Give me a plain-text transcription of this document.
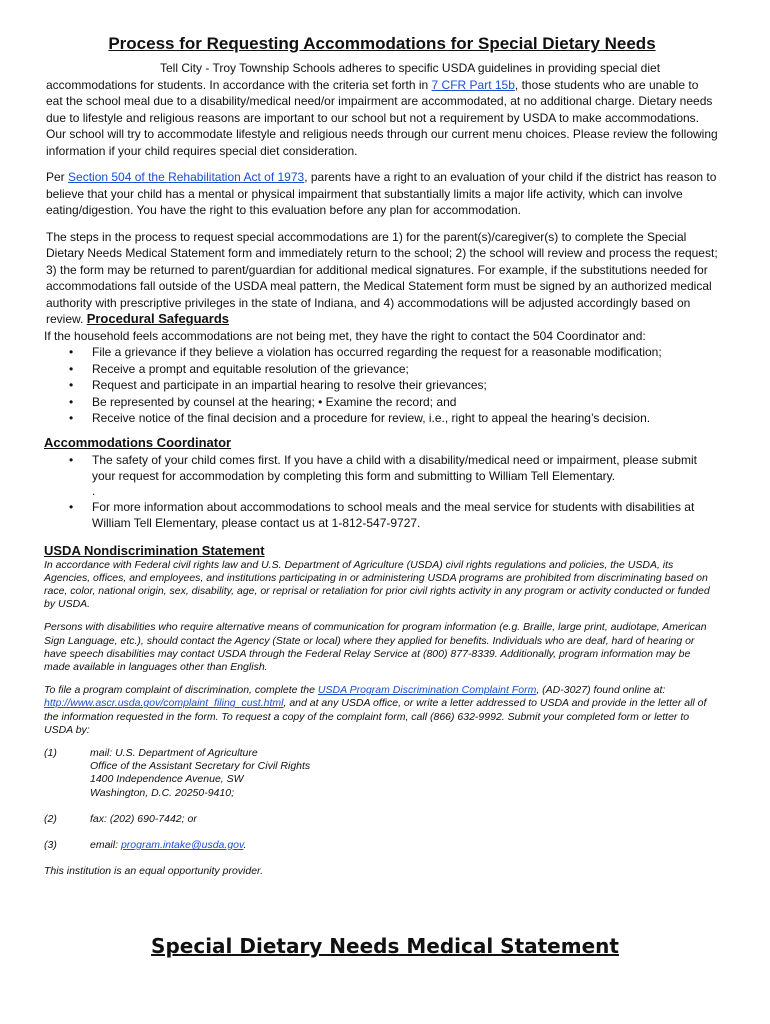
Process for Requesting Accommodations for Special Dietary Needs

Tell City - Troy Township Schools adheres to specific USDA guidelines in providing special diet accommodations for students. In accordance with the criteria set forth in 7 CFR Part 15b, those students who are unable to eat the school meal due to a disability/medical need/or impairment are accommodated, at no additional charge. Dietary needs due to lifestyle and religious reasons are important to our school but not a requirement by USDA to make accommodations. Our school will try to accommodate lifestyle and religious needs through our current menu choices. Please review the following information if your child requires special diet consideration.

Per Section 504 of the Rehabilitation Act of 1973, parents have a right to an evaluation of your child if the district has reason to believe that your child has a mental or physical impairment that substantially limits a major life activity, which can involve eating/digestion. You have the right to this evaluation before any plan for accommodation.

The steps in the process to request special accommodations are 1) for the parent(s)/caregiver(s) to complete the Special Dietary Needs Medical Statement form and immediately return to the school; 2) the school will review and process the request; 3) the form may be returned to parent/guardian for additional medical signatures. For example, if the substitutions needed for accommodations fall outside of the USDA meal pattern, the Medical Statement form must be signed by an authorized medical authority with prescriptive privileges in the state of Indiana, and 4) accommodations will be adjusted accordingly based on review. Procedural Safeguards

If the household feels accommodations are not being met, they have the right to contact the 504 Coordinator and:

• File a grievance if they believe a violation has occurred regarding the request for a reasonable modification;
• Receive a prompt and equitable resolution of the grievance;
• Request and participate in an impartial hearing to resolve their grievances;
• Be represented by counsel at the hearing; • Examine the record; and
• Receive notice of the final decision and a procedure for review, i.e., right to appeal the hearing’s decision.
Accommodations Coordinator
• The safety of your child comes first. If you have a child with a disability/medical need or impairment, please submit your request for accommodation by completing this form and submitting to William Tell Elementary.
.
• For more information about accommodations to school meals and the meal service for students with disabilities at William Tell Elementary, please contact us at 1-812-547-9727.
USDA Nondiscrimination Statement

In accordance with Federal civil rights law and U.S. Department of Agriculture (USDA) civil rights regulations and policies, the USDA, its Agencies, offices, and employees, and institutions participating in or administering USDA programs are prohibited from discriminating based on race, color, national origin, sex, disability, age, or reprisal or retaliation for prior civil rights activity in any program or activity conducted or funded by USDA.

Persons with disabilities who require alternative means of communication for program information (e.g. Braille, large print, audiotape, American Sign Language, etc.), should contact the Agency (State or local) where they applied for benefits. Individuals who are deaf, hard of hearing or have speech disabilities may contact USDA through the Federal Relay Service at (800) 877-8339. Additionally, program information may be made available in languages other than English.

To file a program complaint of discrimination, complete the USDA Program Discrimination Complaint Form, (AD-3027) found online at: http://www.ascr.usda.gov/complaint_filing_cust.html, and at any USDA office, or write a letter addressed to USDA and provide in the letter all of the information requested in the form. To request a copy of the complaint form, call (866) 632-9992. Submit your completed form or letter to USDA by:

(1)	mail: U.S. Department of Agriculture
Office of the Assistant Secretary for Civil Rights
1400 Independence Avenue, SW
Washington, D.C. 20250-9410;
(2)	fax: (202) 690-7442; or
(3)	email: program.intake@usda.gov.

This institution is an equal opportunity provider.

Special Dietary Needs Medical Statement
